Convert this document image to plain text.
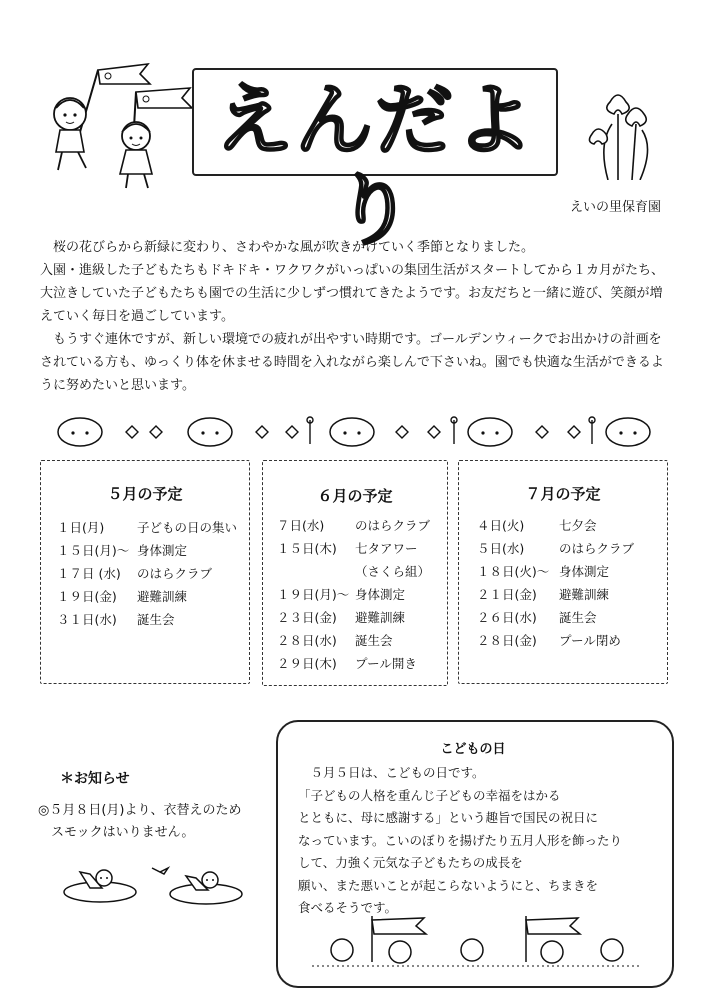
えんだより	えいの里保育園

　桜の花びらから新緑に変わり、さわやかな風が吹きかけていく季節となりました。

入園・進級した子どもたちもドキドキ・ワクワクがいっぱいの集団生活がスタートしてから１カ月がたち、

大泣きしていた子どもたちも園での生活に少しずつ慣れてきたようです。お友だちと一緒に遊び、笑顔が増

えていく毎日を過ごしています。

　もうすぐ連休ですが、新しい環境での疲れが出やすい時期です。ゴールデンウィークでお出かけの計画を

されている方も、ゆっくり体を休ませる時間を入れながら楽しんで下さいね。園でも快適な生活ができるよ

うに努めたいと思います。

５月の予定
１日(月)	子どもの日の集い
１５日(月)～ 身体測定
１７日 (水)	のはらクラブ
１９日(金)	避難訓練
３１日(水)	誕生会
６月の予定
７日(水)	のはらクラブ
１５日(木)	七タアワー
（さくら組）
１９日(月)～ 身体測定
２３日(金)	避難訓練
２８日(水)	誕生会
２９日(木)	プール開き
７月の予定
４日(火)	七夕会
５日(水)	のはらクラブ
１８日(火)～ 身体測定
２１日(金)	避難訓練
２６日(水)	誕生会
２８日(金)	プール閉め
＊お知らせ
◎５月８日(月)より、衣替えのため
　スモックはいりません。
こどもの日

　５月５日は、こどもの日です。

「子どもの人格を重んじ子どもの幸福をはかる

とともに、母に感謝する」という趣旨で国民の祝日に

なっています。こいのぼりを揚げたり五月人形を飾ったり

して、力強く元気な子どもたちの成長を

願い、また悪いことが起こらないようにと、ちまきを

食べるそうです。
